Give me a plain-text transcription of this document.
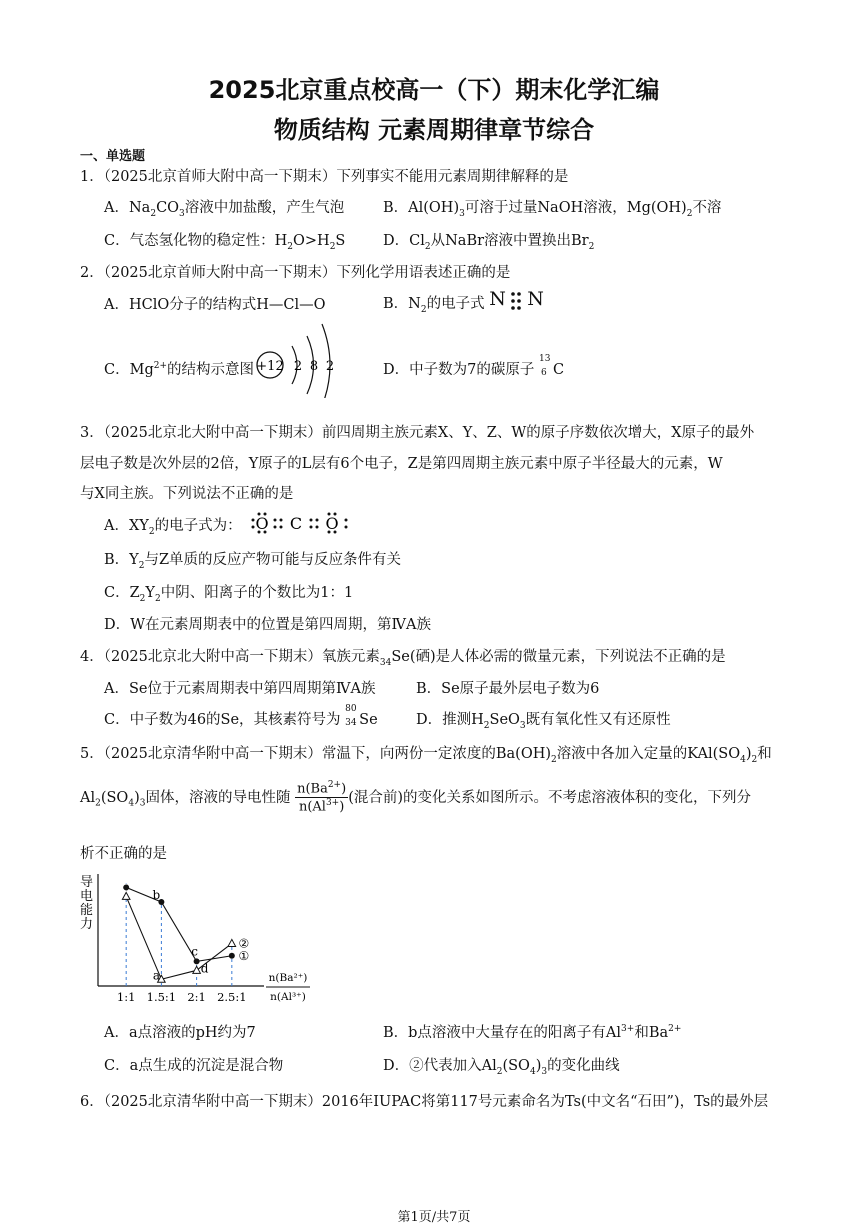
2025北京重点校高一（下）期末化学汇编
物质结构 元素周期律章节综合
一、单选题
1．（2025北京首师大附中高一下期末）下列事实不能用元素周期律解释的是
A．$Na_2CO_3$溶液中加盐酸，产生气泡	B．$Al(OH)_3$可溶于过量NaOH溶液，$Mg(OH)_2$不溶
C．气态氢化物的稳定性：$H_2O>H_2S$	D．$Cl_2$从NaBr溶液中置换出$Br_2$
2．（2025北京首师大附中高一下期末）下列化学用语表述正确的是
A．HClO分子的结构式H—Cl—O	B．$N_2$的电子式 N N
C．$Mg^{2+}$的结构示意图 +12 2 8 2	D．中子数为7的碳原子
13
6 C
3．（2025北京北大附中高一下期末）前四周期主族元素X、Y、Z、W的原子序数依次增大，X原子的最外
层电子数是次外层的2倍，Y原子的L层有6个电子，Z是第四周期主族元素中原子半径最大的元素，W
与X同主族。下列说法不正确的是
A．$XY_2$的电子式为： O C O
B．$Y_2$与Z单质的反应产物可能与反应条件有关
C．$Z_2Y_2$中阴、阳离子的个数比为1：1
D．W在元素周期表中的位置是第四周期，第ⅣA族
4．（2025北京北大附中高一下期末）氧族元素$_{34}$Se(硒)是人体必需的微量元素，下列说法不正确的是
A．Se位于元素周期表中第四周期第ⅣA族	B．Se原子最外层电子数为6
C．中子数为46的Se，其核素符号为
80
34 Se	D．推测$H_2SeO_3$既有氧化性又有还原性
5．（2025北京清华附中高一下期末）常温下，向两份一定浓度的$Ba(OH)_2$溶液中各加入定量的$KAl(SO_4)_2$和
$Al_2(SO_4)_3$固体，溶液的导电性随 $\frac{n(Ba^{2+})}{n(Al^{3+})}$ (混合前)的变化关系如图所示。不考虑溶液体积的变化，下列分
析不正确的是
导
电
能
力
1:1 1.5:1 2:1 2.5:1
n(Ba²⁺)
n(Al³⁺)
b
c	①
a	d
②
A．a点溶液的pH约为7	B．b点溶液中大量存在的阳离子有$Al^{3+}$和$Ba^{2+}$
C．a点生成的沉淀是混合物	D．②代表加入$Al_2(SO_4)_3$的变化曲线
6．（2025北京清华附中高一下期末）2016年IUPAC将第117号元素命名为Ts(中文名“石田”)，Ts的最外层
第1页/共7页
